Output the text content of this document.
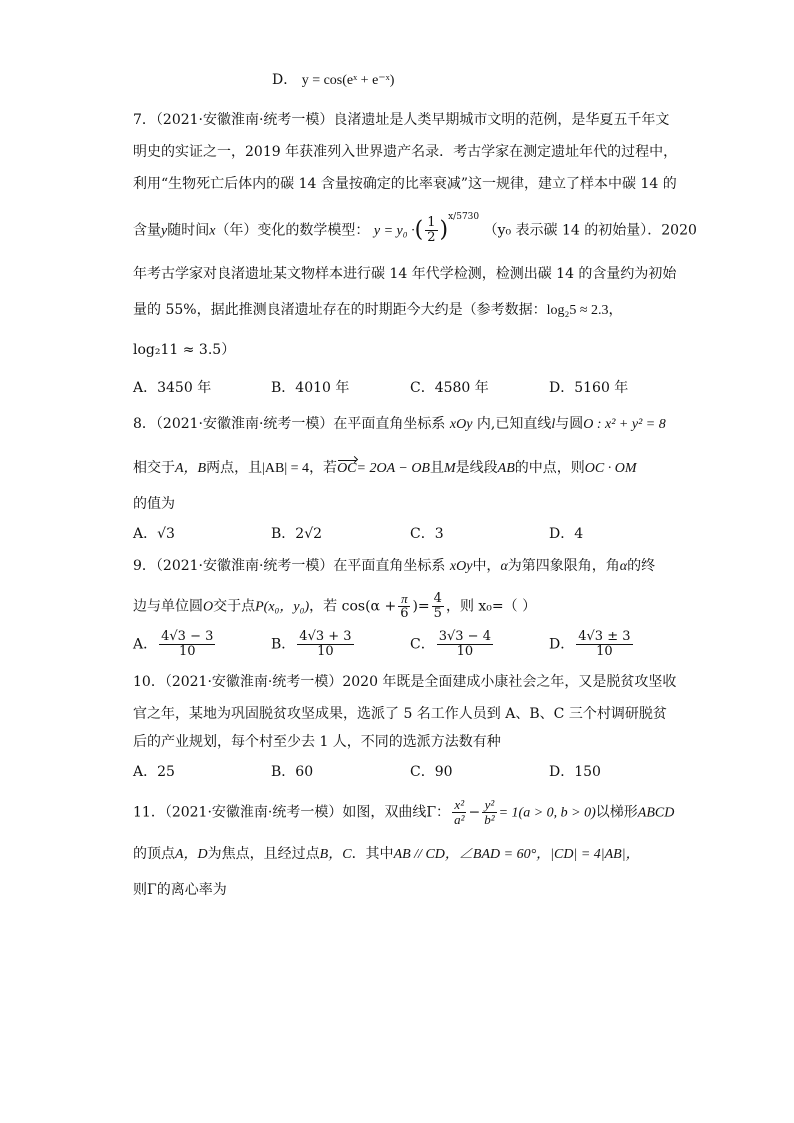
D． y = cos(eˣ + e⁻ˣ)
7．（2021·安徽淮南·统考一模）良渚遗址是人类早期城市文明的范例，是华夏五千年文
明史的实证之一，2019 年获准列入世界遗产名录．考古学家在测定遗址年代的过程中，
利用“生物死亡后体内的碳 14 含量按确定的比率衰减”这一规律，建立了样本中碳 14 的
含量y随时间x（年）变化的数学模型： y = y₀ ·( $\frac{1}{2} )^{x/5730}$ （y₀ 表示碳 14 的初始量）．2020
年考古学家对良渚遗址某文物样本进行碳 14 年代学检测，检测出碳 14 的含量约为初始
量的 55%，据此推测良渚遗址存在的时期距今大约是（参考数据：log₂5 ≈ 2.3，
log₂11 ≈ 3.5）
A．3450 年	B．4010 年	C．4580 年	D．5160 年
8．（2021·安徽淮南·统考一模）在平面直角坐标系 xOy 内,已知直线l与圆O : x² + y² = 8
相交于A，B两点，且|AB| = 4，若OC= 2OA − OB且M是线段AB的中点，则OC · OM
的值为
A．√3	B．2√2	C．3	D．4
9．（2021·安徽淮南·统考一模）在平面直角坐标系 xOy中，α为第四象限角，角α的终
边与单位圆O交于点P(x₀，y₀)，若 $\cos(\alpha + \frac{\pi}{6}$ )= $\frac{4}{5}$ ，则 x₀=（ ）
A． $\frac{4√3 - 3}{10}$	B． $\frac{4√3 + 3}{10}$	C． $\frac{3√3 - 4}{10}$	D． $\frac{4√3 \pm 3}{10}$
10．（2021·安徽淮南·统考一模）2020 年既是全面建成小康社会之年，又是脱贫攻坚收
官之年，某地为巩固脱贫攻坚成果，选派了 5 名工作人员到 A、B、C 三个村调研脱贫
后的产业规划，每个村至少去 1 人，不同的选派方法数有种
A．25	B．60	C．90	D．150
11．（2021·安徽淮南·统考一模）如图，双曲线Γ： $\frac{\text{x²}}{\text{a²}} - \frac{\text{y²}}{\text{b²}} = 1(a > 0$, b > 0)以梯形ABCD
的顶点A，D为焦点，且经过点B，C．其中AB // CD，∠BAD = 60°，|CD| = 4|AB|，
则Γ的离心率为
